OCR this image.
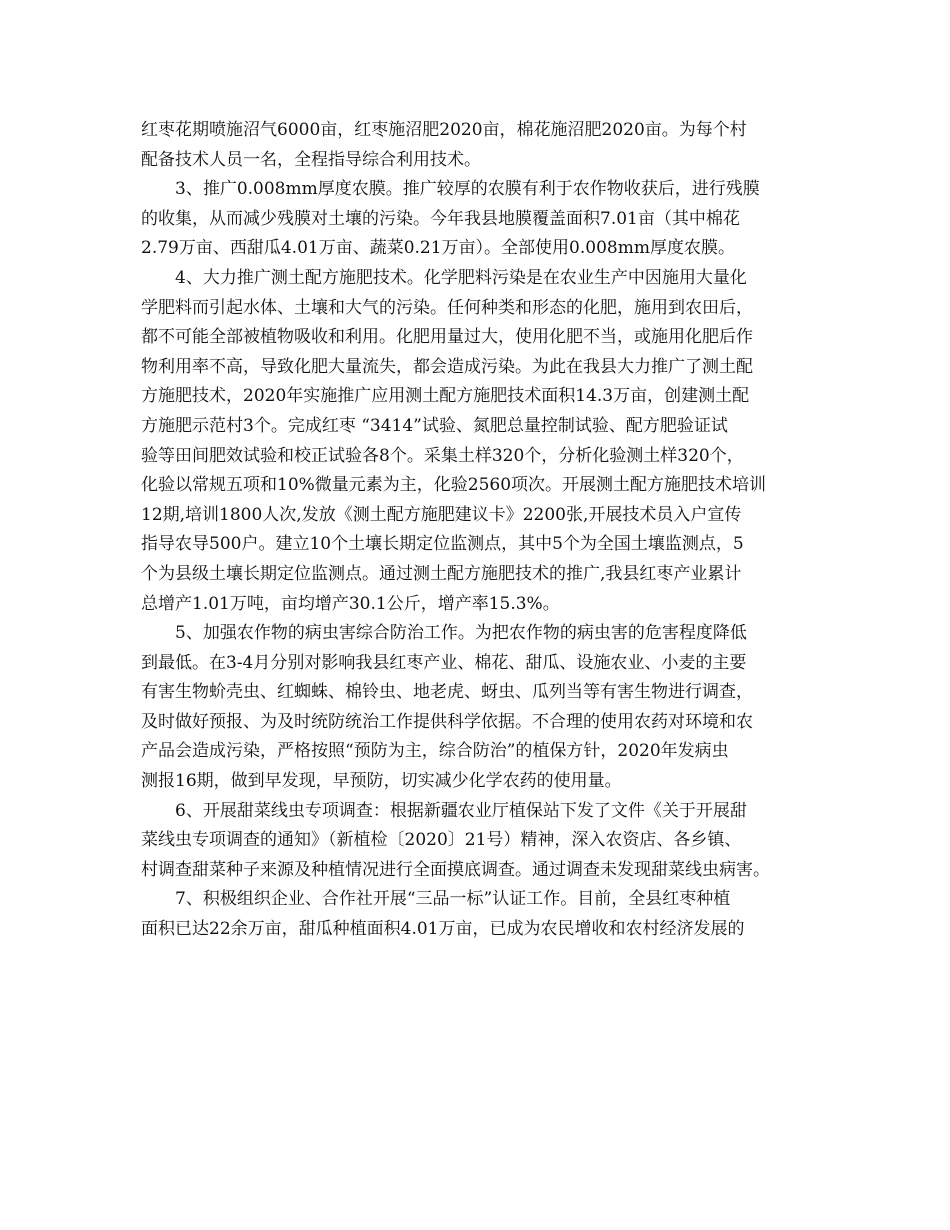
红枣花期喷施沼气6000亩，红枣施沼肥2020亩，棉花施沼肥2020亩。为每个村
配备技术人员一名，全程指导综合利用技术。
3、推广0.008mm厚度农膜。推广较厚的农膜有利于农作物收获后，进行残膜
的收集，从而减少残膜对土壤的污染。今年我县地膜覆盖面积7.01亩（其中棉花
2.79万亩、西甜瓜4.01万亩、蔬菜0.21万亩）。全部使用0.008mm厚度农膜。
4、大力推广测土配方施肥技术。化学肥料污染是在农业生产中因施用大量化
学肥料而引起水体、土壤和大气的污染。任何种类和形态的化肥，施用到农田后，
都不可能全部被植物吸收和利用。化肥用量过大，使用化肥不当，或施用化肥后作
物利用率不高，导致化肥大量流失，都会造成污染。为此在我县大力推广了测土配
方施肥技术，2020年实施推广应用测土配方施肥技术面积14.3万亩，创建测土配
方施肥示范村3个。完成红枣 “3414”试验、氮肥总量控制试验、配方肥验证试
验等田间肥效试验和校正试验各8个。采集土样320个，分析化验测土样320个，
化验以常规五项和10%微量元素为主，化验2560项次。开展测土配方施肥技术培训
12期,培训1800人次,发放《测土配方施肥建议卡》2200张,开展技术员入户宣传
指导农导500户。建立10个土壤长期定位监测点，其中5个为全国土壤监测点，5
个为县级土壤长期定位监测点。通过测土配方施肥技术的推广,我县红枣产业累计
总增产1.01万吨，亩均增产30.1公斤，增产率15.3%。
5、加强农作物的病虫害综合防治工作。为把农作物的病虫害的危害程度降低
到最低。在3-4月分别对影响我县红枣产业、棉花、甜瓜、设施农业、小麦的主要
有害生物蚧壳虫、红蜘蛛、棉铃虫、地老虎、蚜虫、瓜列当等有害生物进行调查，
及时做好预报、为及时统防统治工作提供科学依据。不合理的使用农药对环境和农
产品会造成污染，严格按照“预防为主，综合防治”的植保方针，2020年发病虫
测报16期，做到早发现，早预防，切实减少化学农药的使用量。
6、开展甜菜线虫专项调查：根据新疆农业厅植保站下发了文件《关于开展甜
菜线虫专项调查的通知》（新植检〔2020〕21号）精神，深入农资店、各乡镇、
村调查甜菜种子来源及种植情况进行全面摸底调查。通过调查未发现甜菜线虫病害。
7、积极组织企业、合作社开展“三品一标”认证工作。目前，全县红枣种植
面积已达22余万亩，甜瓜种植面积4.01万亩，已成为农民增收和农村经济发展的
